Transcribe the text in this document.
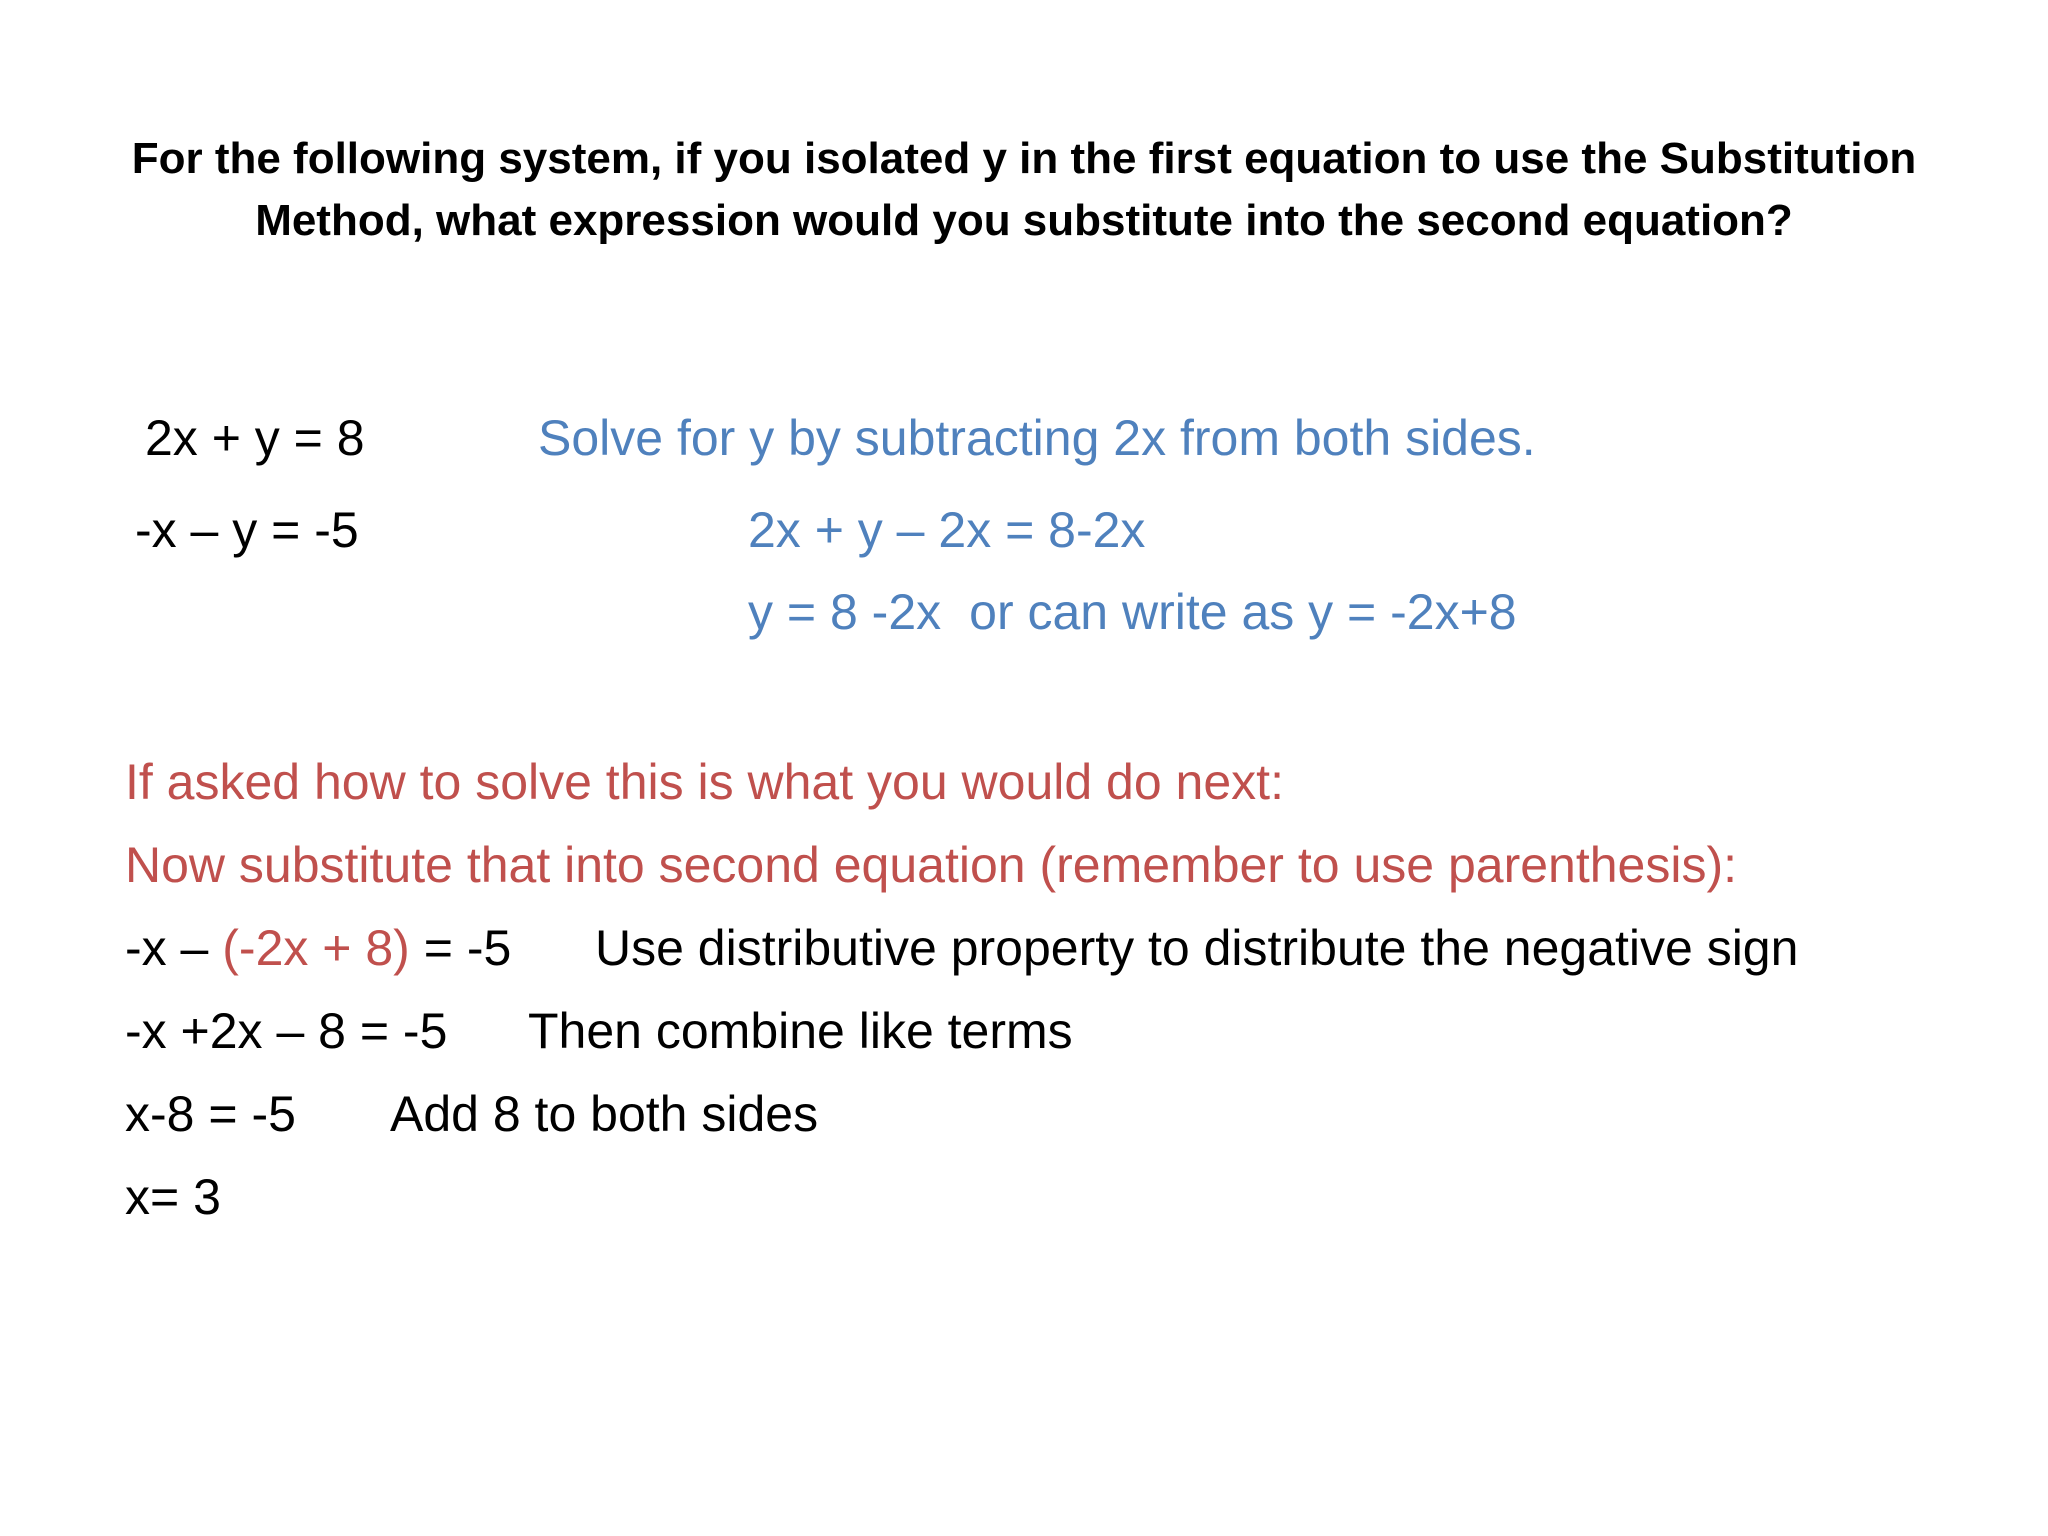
For the following system, if you isolated y in the first equation to use the Substitution
Method, what expression would you substitute into the second equation?
2x + y = 8
-x – y = -5
Solve for y by subtracting 2x from both sides.
2x + y – 2x = 8-2x
y = 8 -2x or can write as y = -2x+8
If asked how to solve this is what you would do next:
Now substitute that into second equation (remember to use parenthesis):
-x – (-2x + 8) = -5 Use distributive property to distribute the negative sign
-x +2x – 8 = -5 Then combine like terms
x-8 = -5 Add 8 to both sides
x= 3
